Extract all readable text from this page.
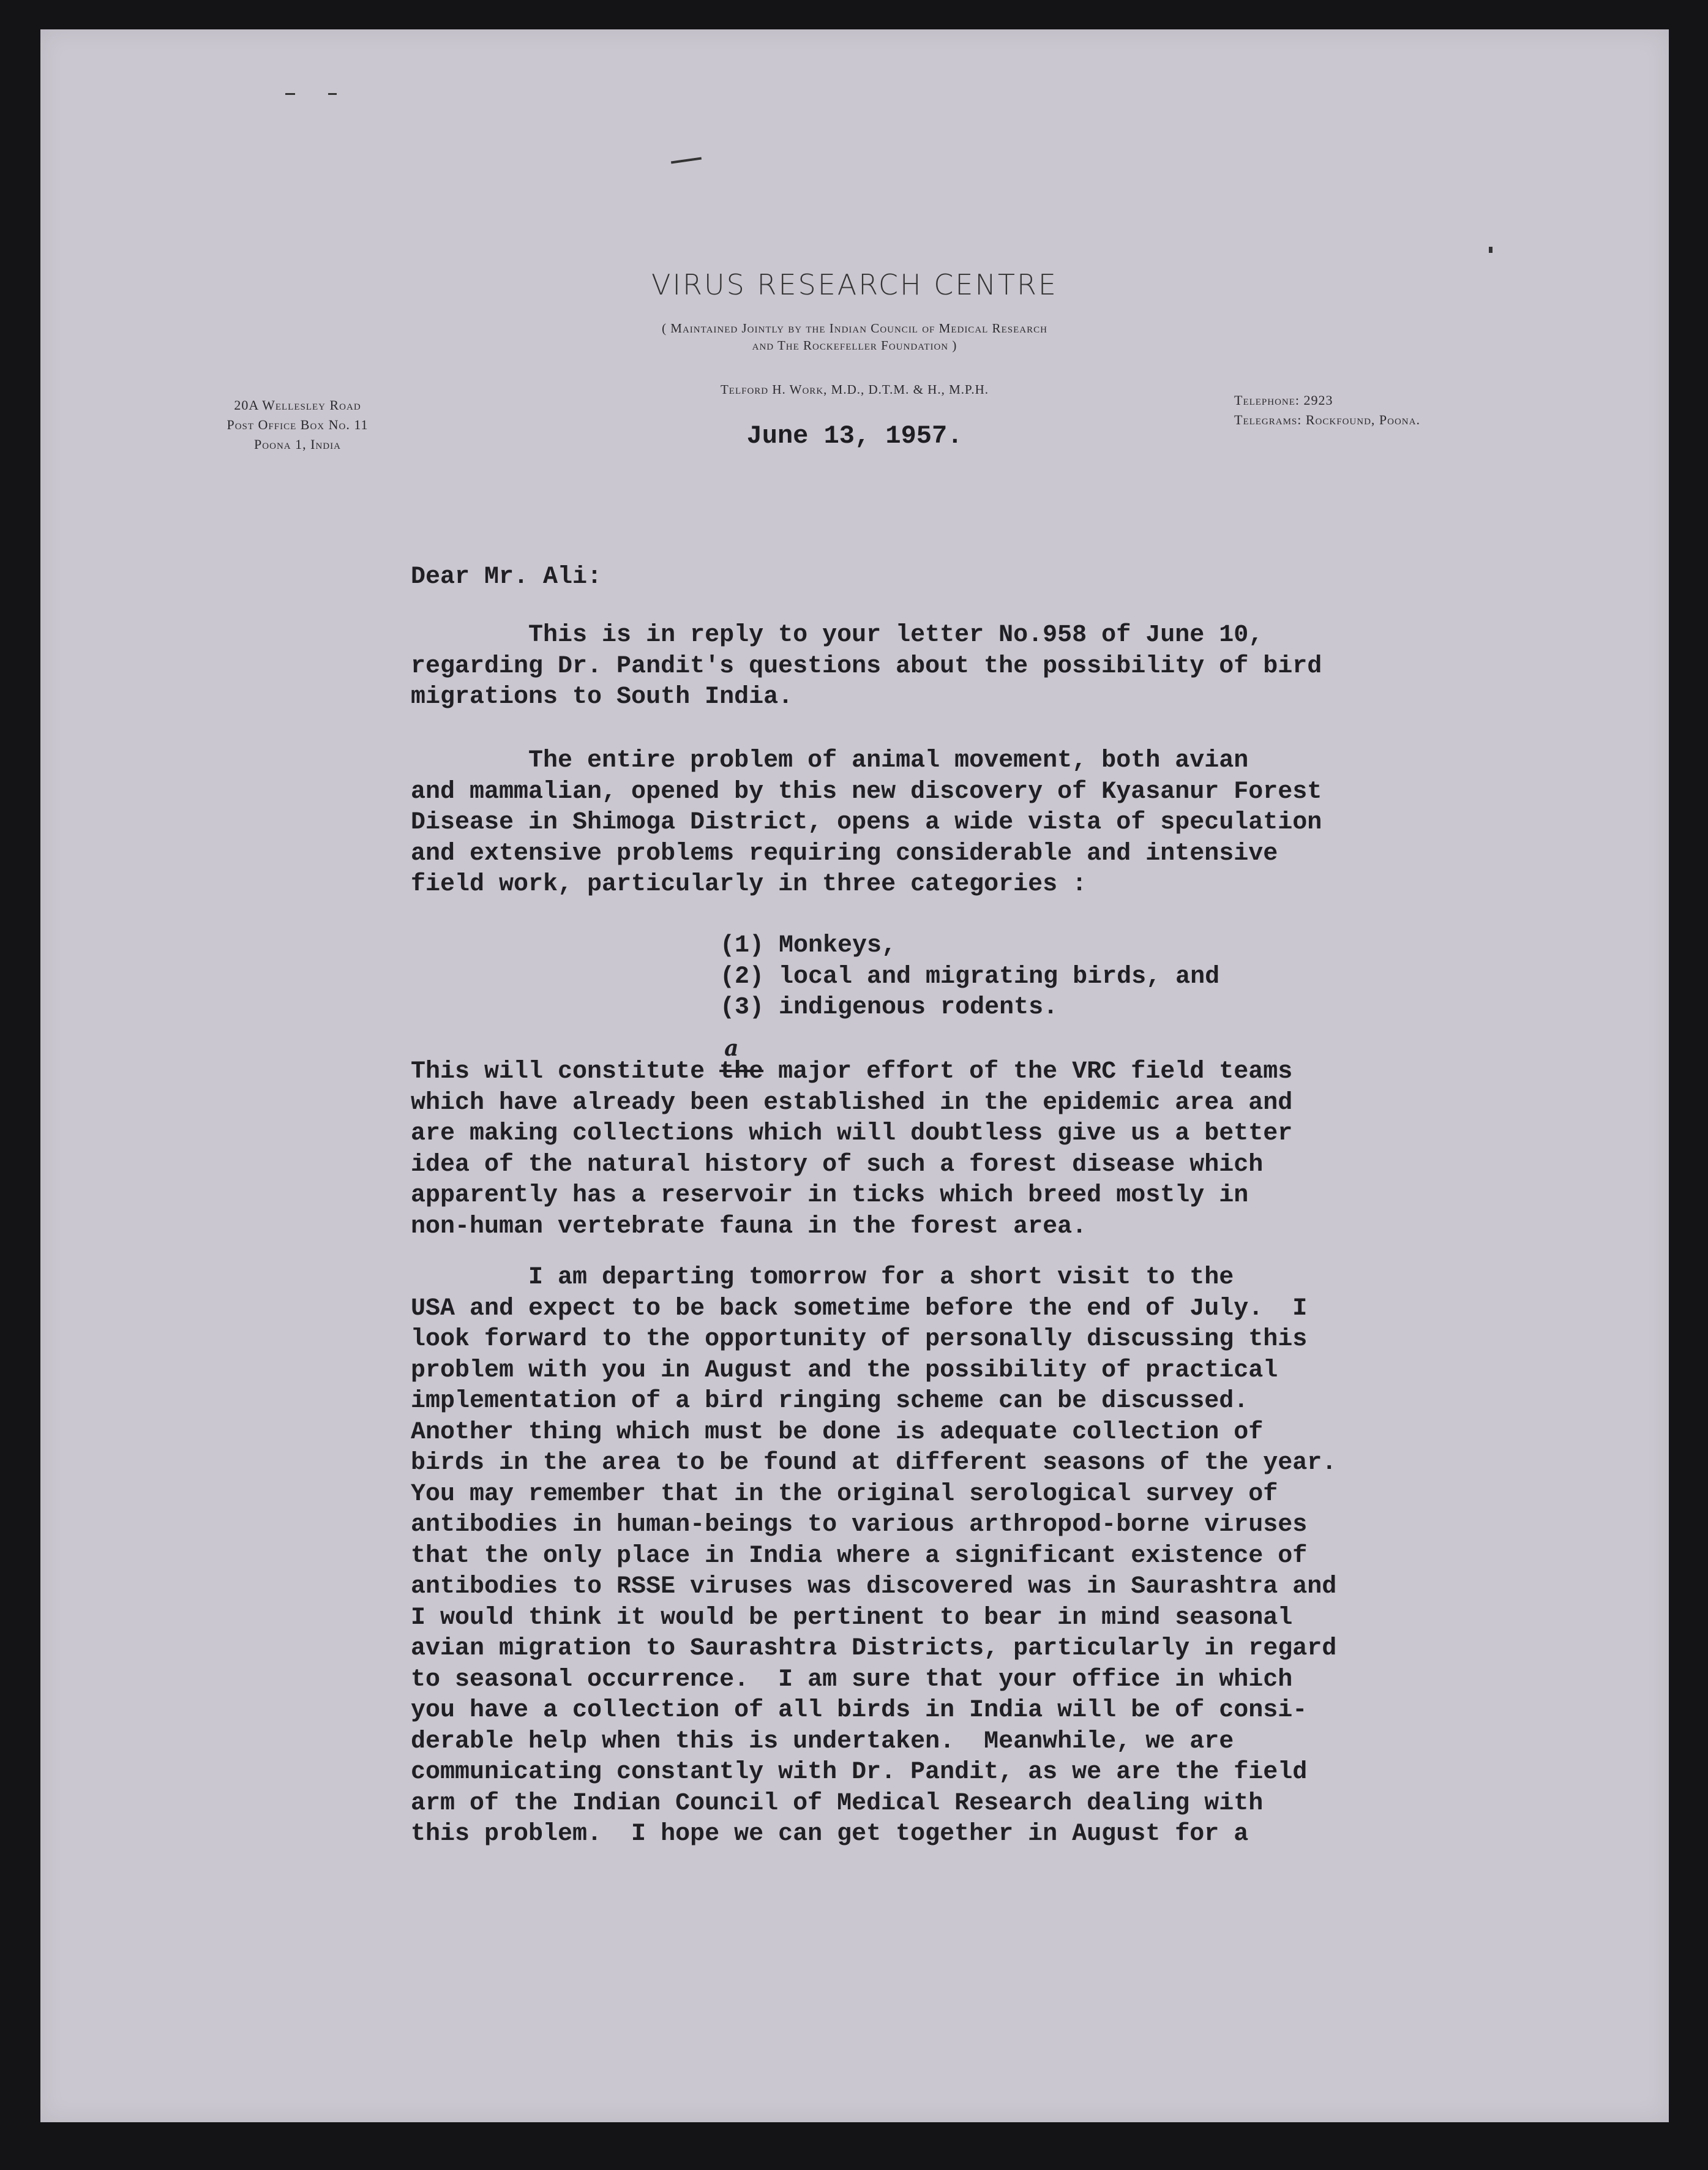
VIRUS RESEARCH CENTRE
( Maintained Jointly by the Indian Council of Medical Research
and The Rockefeller Foundation )
Telford H. Work, M.D., D.T.M. & H., M.P.H.
20A Wellesley Road
Post Office Box No. 11
Poona 1, India
Telephone: 2923
Telegrams: Rockfound, Poona.
June 13, 1957.
Dear Mr. Ali:
This is in reply to your letter No.958 of June 10,
regarding Dr. Pandit's questions about the possibility of bird
migrations to South India.
The entire problem of animal movement, both avian
and mammalian, opened by this new discovery of Kyasanur Forest
Disease in Shimoga District, opens a wide vista of speculation
and extensive problems requiring considerable and intensive
field work, particularly in three categories :
(1) Monkeys,
(2) local and migrating birds, and
(3) indigenous rodents.
This will constitute the
a
major effort of the VRC field teams
which have already been established in the epidemic area and
are making collections which will doubtless give us a better
idea of the natural history of such a forest disease which
apparently has a reservoir in ticks which breed mostly in
non-human vertebrate fauna in the forest area.
I am departing tomorrow for a short visit to the
USA and expect to be back sometime before the end of July.  I
look forward to the opportunity of personally discussing this
problem with you in August and the possibility of practical
implementation of a bird ringing scheme can be discussed.
Another thing which must be done is adequate collection of
birds in the area to be found at different seasons of the year.
You may remember that in the original serological survey of
antibodies in human-beings to various arthropod-borne viruses
that the only place in India where a significant existence of
antibodies to RSSE viruses was discovered was in Saurashtra and
I would think it would be pertinent to bear in mind seasonal
avian migration to Saurashtra Districts, particularly in regard
to seasonal occurrence.  I am sure that your office in which
you have a collection of all birds in India will be of consi-
derable help when this is undertaken.  Meanwhile, we are
communicating constantly with Dr. Pandit, as we are the field
arm of the Indian Council of Medical Research dealing with
this problem.  I hope we can get together in August for a
